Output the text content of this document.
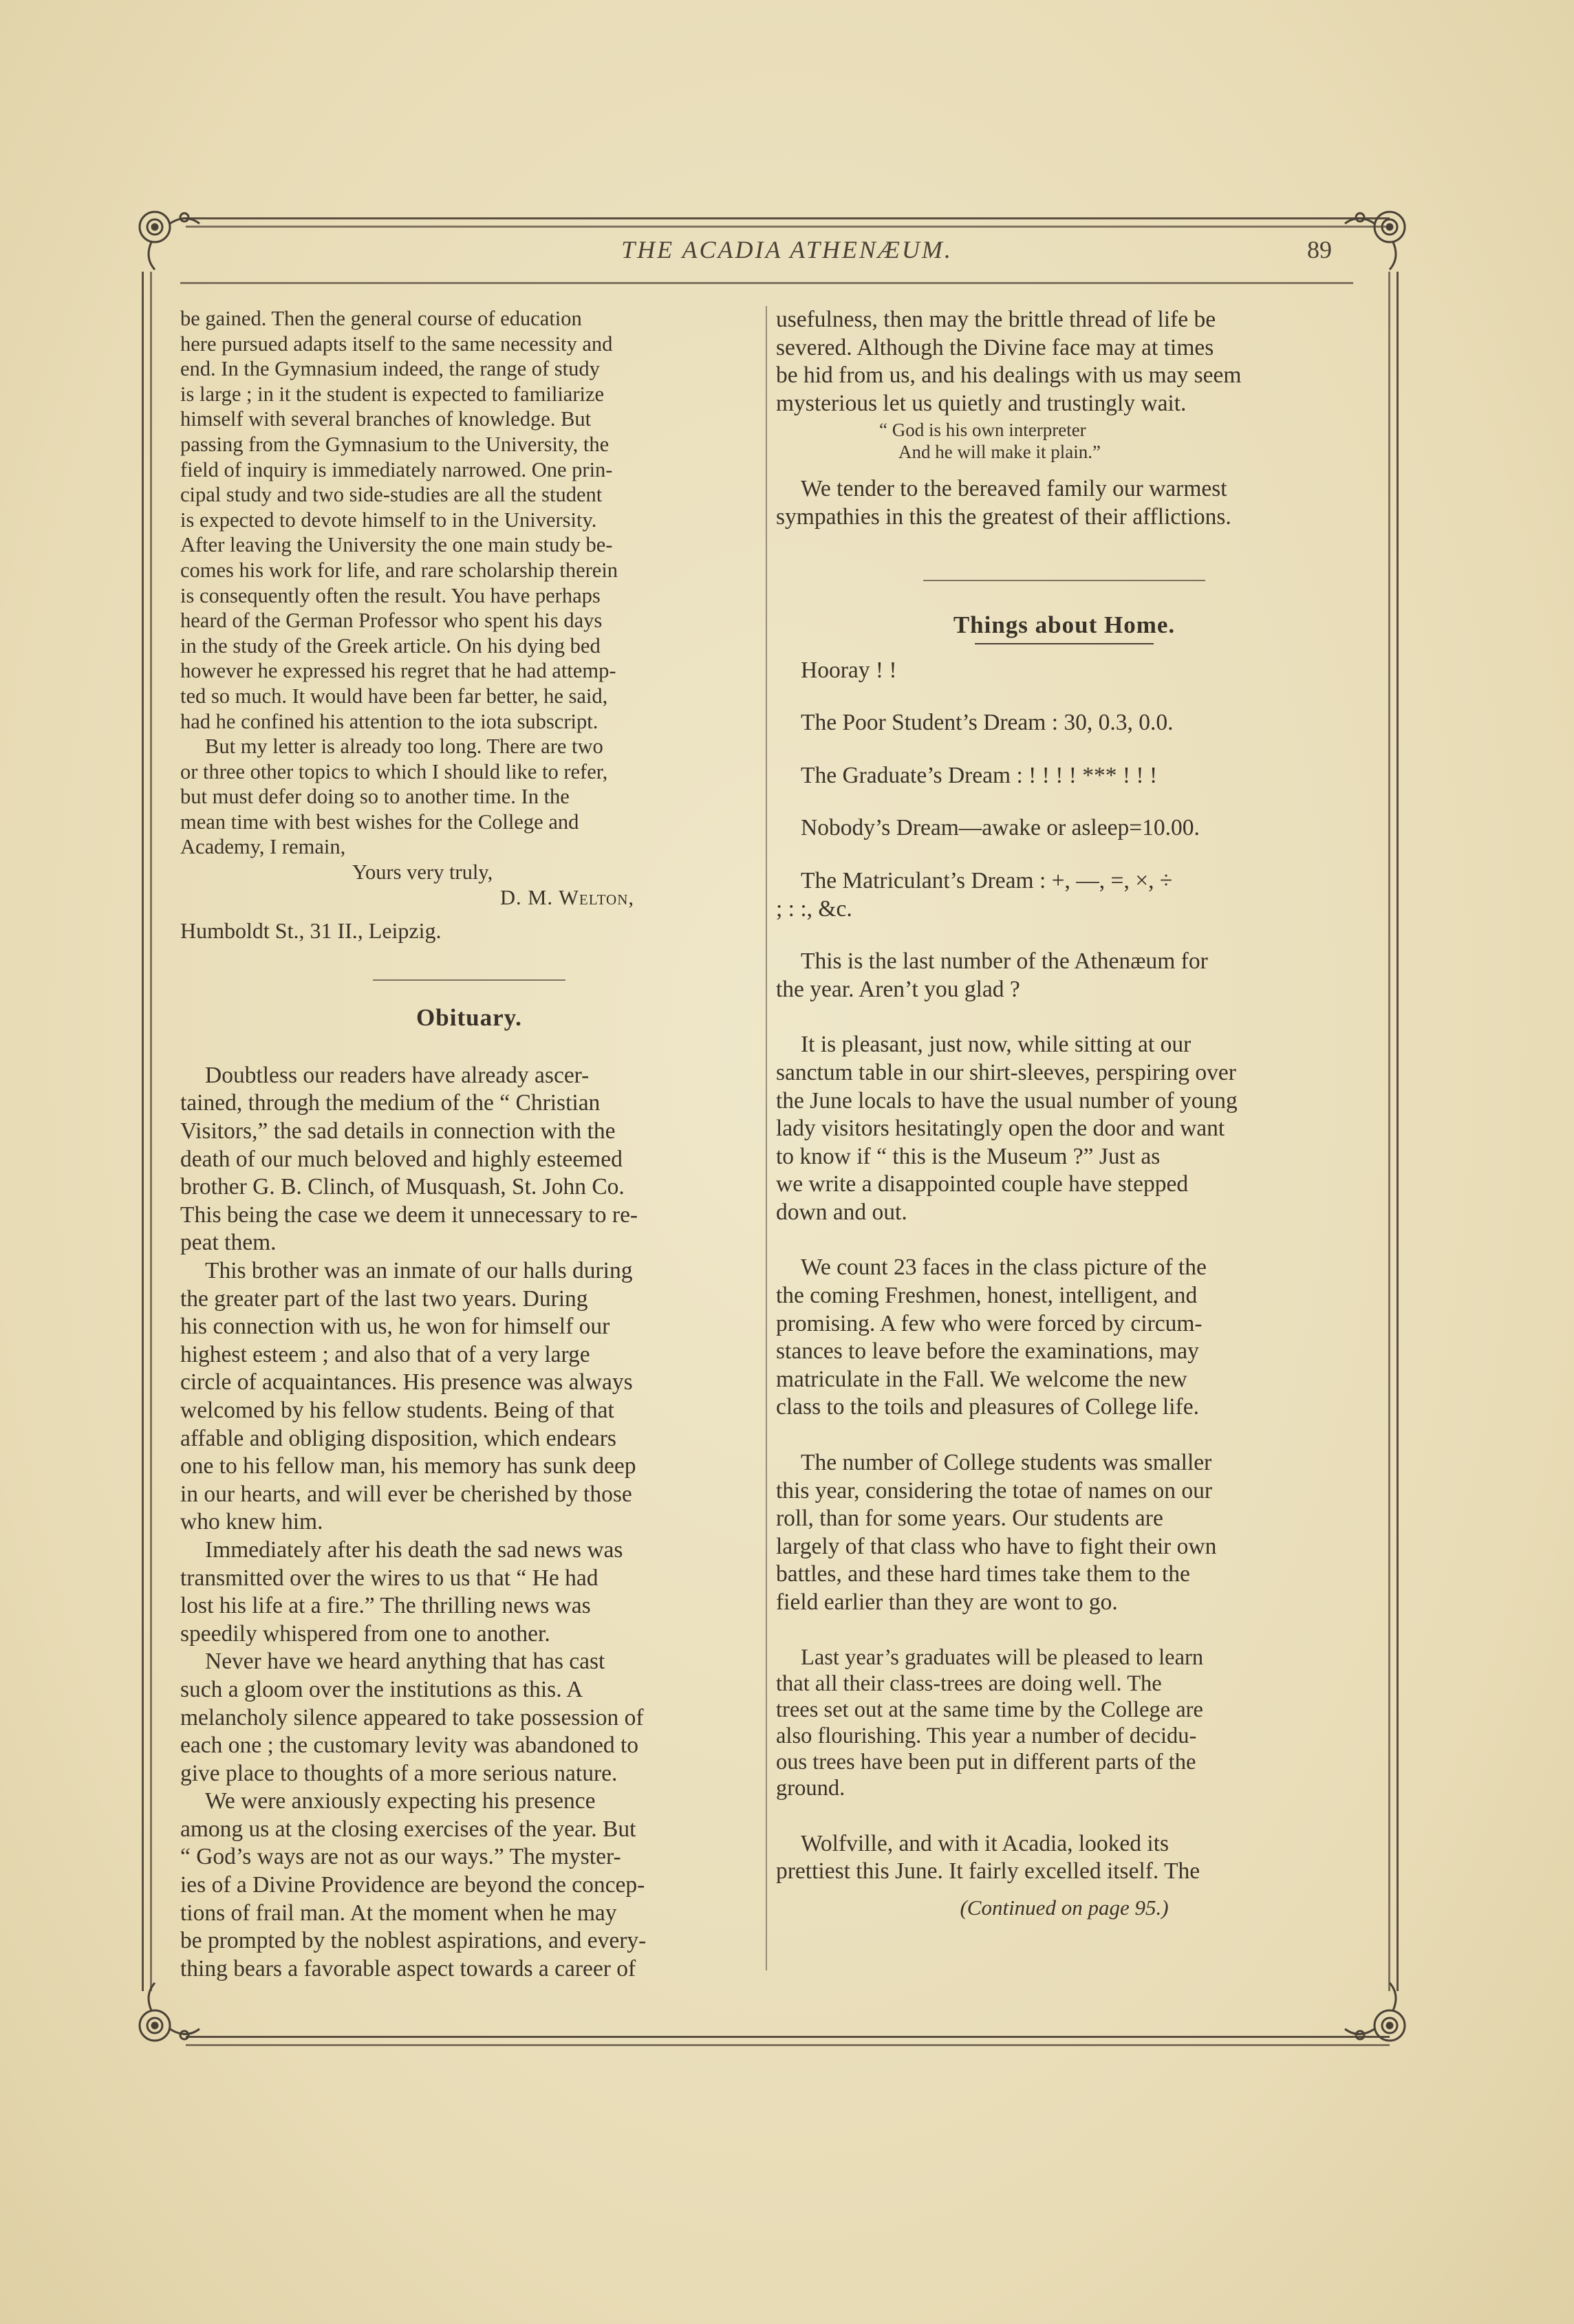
THE ACADIA ATHENÆUM.	89

be gained. Then the general course of education

here pursued adapts itself to the same necessity and

end. In the Gymnasium indeed, the range of study

is large ; in it the student is expected to familiarize

himself with several branches of knowledge. But

passing from the Gymnasium to the University, the

field of inquiry is immediately narrowed. One prin-

cipal study and two side-studies are all the student

is expected to devote himself to in the University.

After leaving the University the one main study be-

comes his work for life, and rare scholarship therein

is consequently often the result. You have perhaps

heard of the German Professor who spent his days

in the study of the Greek article. On his dying bed

however he expressed his regret that he had attemp-

ted so much. It would have been far better, he said,

had he confined his attention to the iota subscript.

But my letter is already too long. There are two

or three other topics to which I should like to refer,

but must defer doing so to another time. In the

mean time with best wishes for the College and

Academy, I remain,

Yours very truly,
D. M. Welton,
Humboldt St., 31 II., Leipzig.
Obituary.

Doubtless our readers have already ascer-

tained, through the medium of the “ Christian

Visitors,” the sad details in connection with the

death of our much beloved and highly esteemed

brother G. B. Clinch, of Musquash, St. John Co.

This being the case we deem it unnecessary to re-

peat them.

This brother was an inmate of our halls during

the greater part of the last two years. During

his connection with us, he won for himself our

highest esteem ; and also that of a very large

circle of acquaintances. His presence was always

welcomed by his fellow students. Being of that

affable and obliging disposition, which endears

one to his fellow man, his memory has sunk deep

in our hearts, and will ever be cherished by those

who knew him.

Immediately after his death the sad news was

transmitted over the wires to us that “ He had

lost his life at a fire.” The thrilling news was

speedily whispered from one to another.

Never have we heard anything that has cast

such a gloom over the institutions as this. A

melancholy silence appeared to take possession of

each one ; the customary levity was abandoned to

give place to thoughts of a more serious nature.

We were anxiously expecting his presence

among us at the closing exercises of the year. But

“ God’s ways are not as our ways.” The myster-

ies of a Divine Providence are beyond the concep-

tions of frail man. At the moment when he may

be prompted by the noblest aspirations, and every-

thing bears a favorable aspect towards a career of

usefulness, then may the brittle thread of life be

severed. Although the Divine face may at times

be hid from us, and his dealings with us may seem

mysterious let us quietly and trustingly wait.

“ God is his own interpreter
And he will make it plain.”

We tender to the bereaved family our warmest

sympathies in this the greatest of their afflictions.

Things about Home.

Hooray ! !

The Poor Student’s Dream : 30, 0.3, 0.0.

The Graduate’s Dream : ! ! ! ! *** ! ! !

Nobody’s Dream—awake or asleep=10.00.

The Matriculant’s Dream : +, —, =, ×, ÷

; : :, &c.

This is the last number of the Athenæum for

the year. Aren’t you glad ?

It is pleasant, just now, while sitting at our

sanctum table in our shirt-sleeves, perspiring over

the June locals to have the usual number of young

lady visitors hesitatingly open the door and want

to know if “ this is the Museum ?” Just as

we write a disappointed couple have stepped

down and out.

We count 23 faces in the class picture of the

the coming Freshmen, honest, intelligent, and

promising. A few who were forced by circum-

stances to leave before the examinations, may

matriculate in the Fall. We welcome the new

class to the toils and pleasures of College life.

The number of College students was smaller

this year, considering the totae of names on our

roll, than for some years. Our students are

largely of that class who have to fight their own

battles, and these hard times take them to the

field earlier than they are wont to go.

Last year’s graduates will be pleased to learn

that all their class-trees are doing well. The

trees set out at the same time by the College are

also flourishing. This year a number of decidu-

ous trees have been put in different parts of the

ground.

Wolfville, and with it Acadia, looked its

prettiest this June. It fairly excelled itself. The

(Continued on page 95.)
